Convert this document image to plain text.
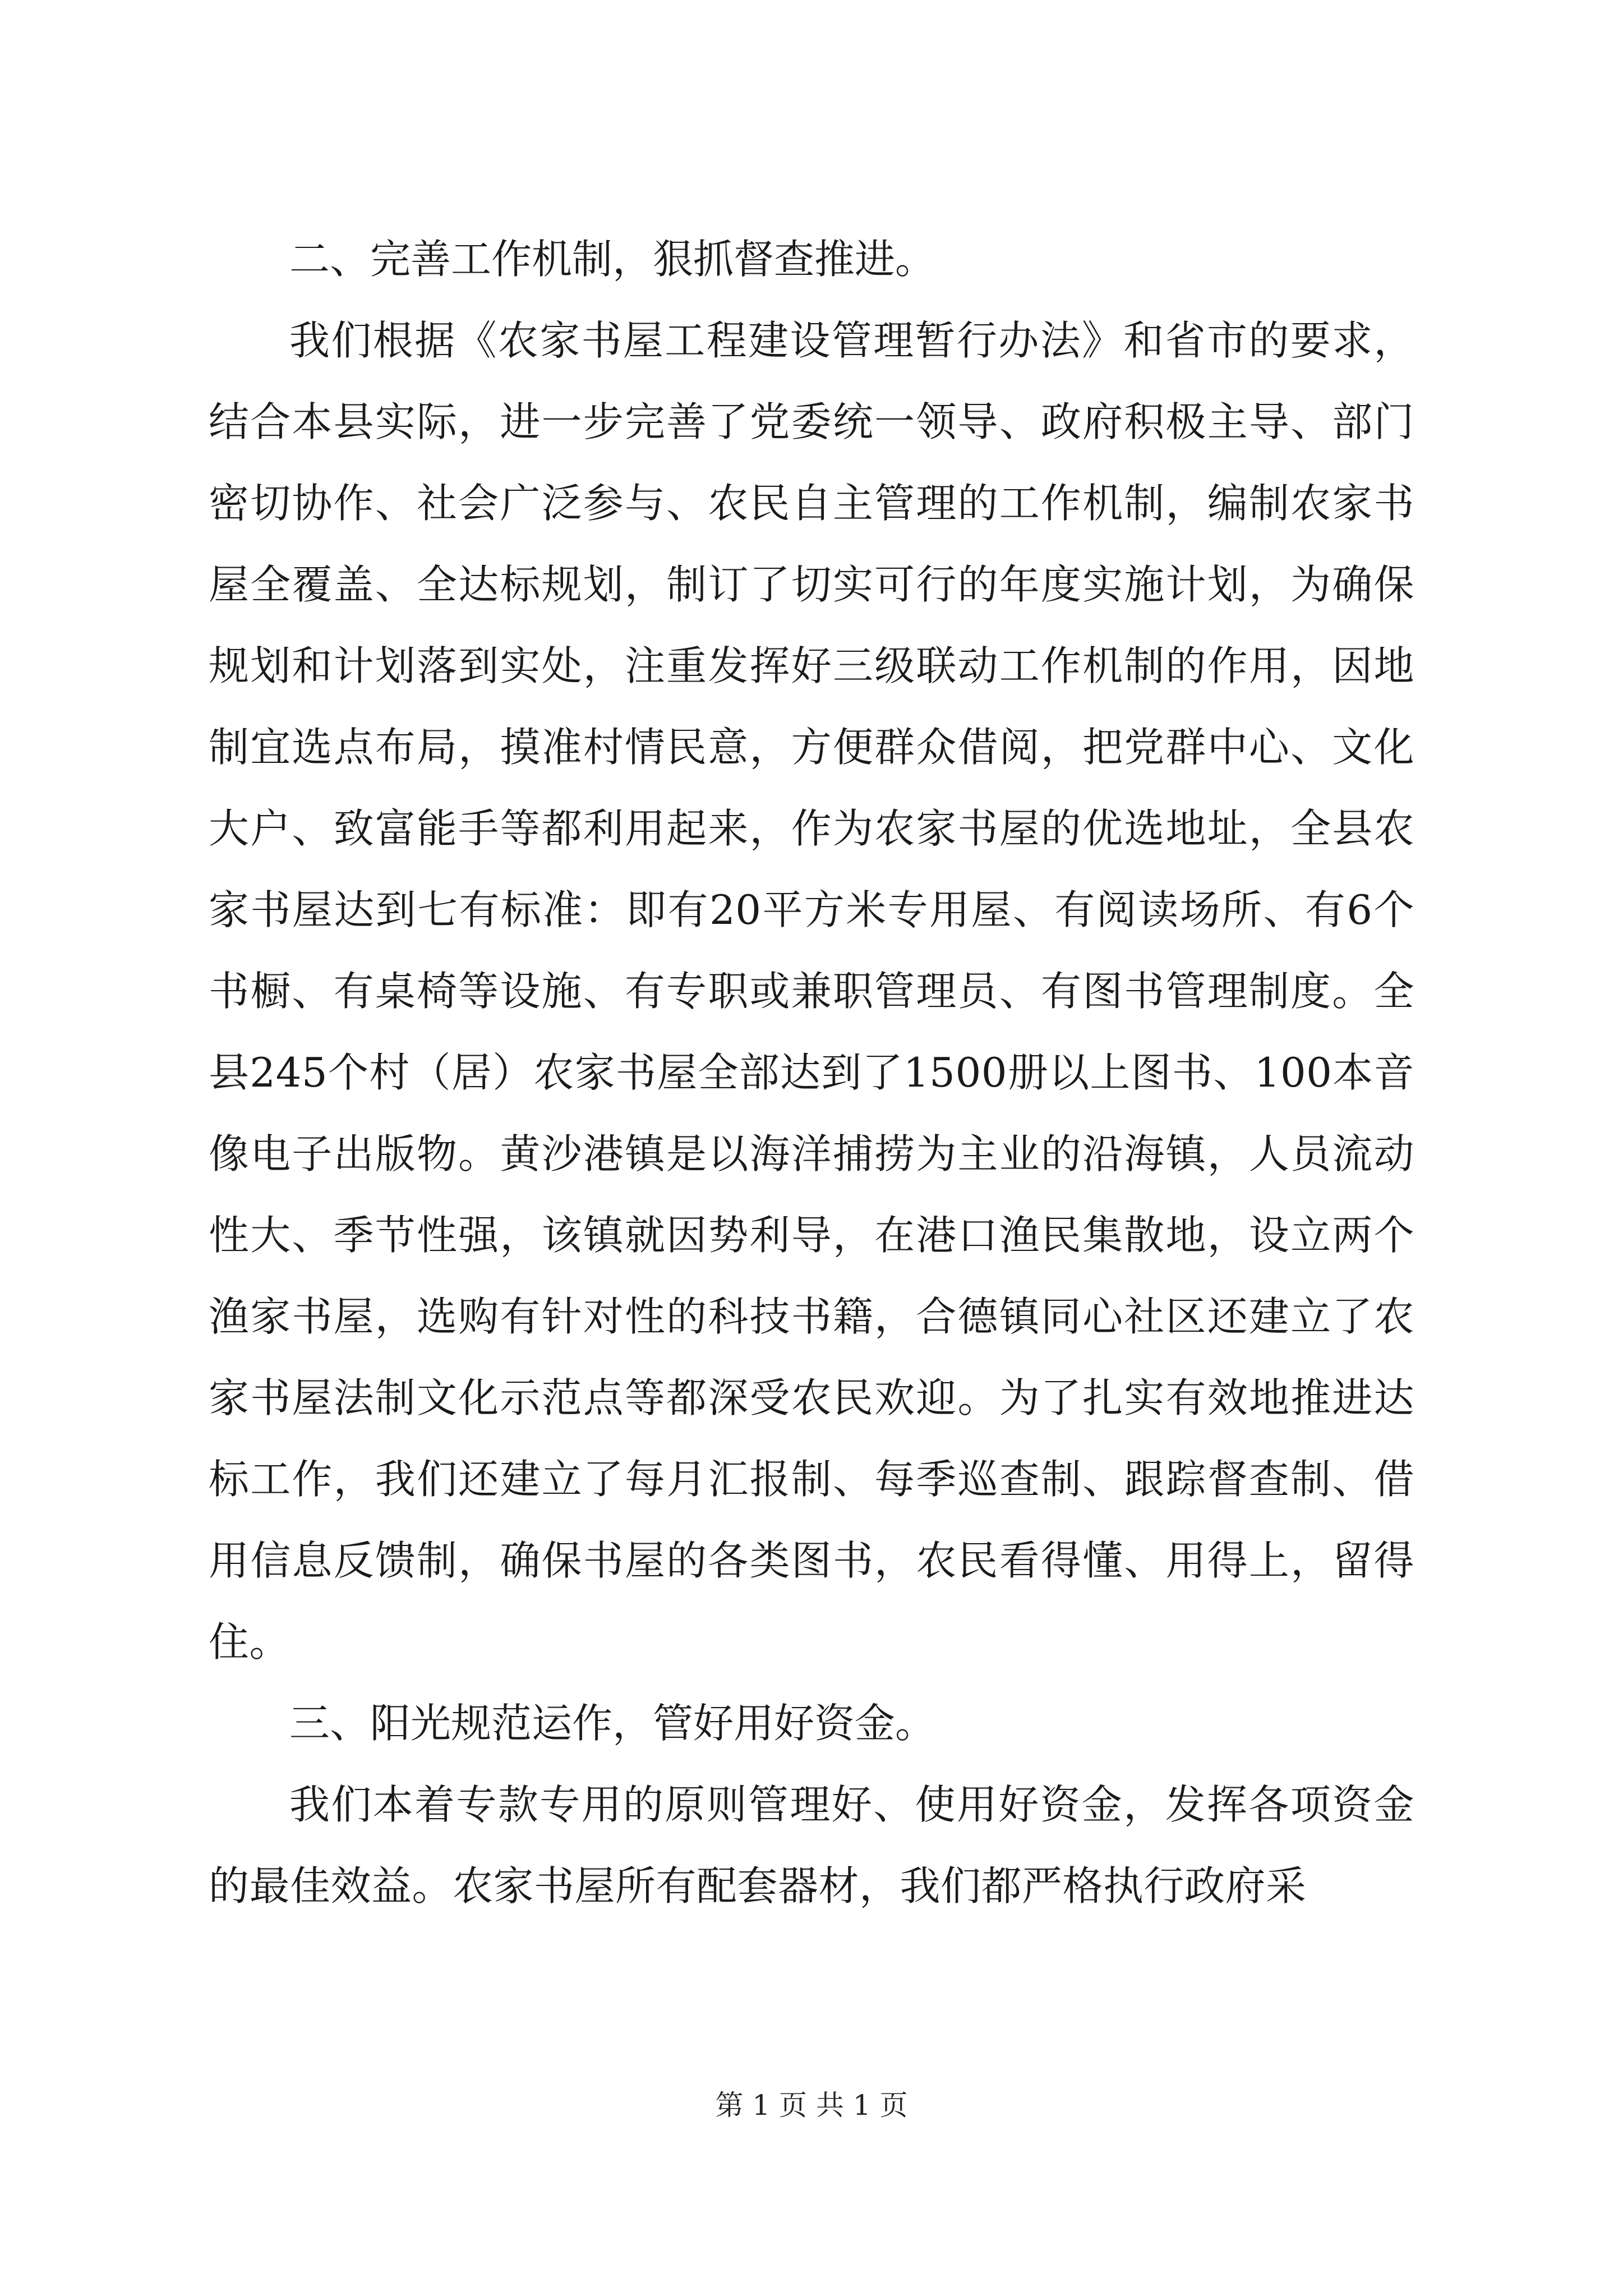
二、完善工作机制，狠抓督查推进。

我们根据《农家书屋工程建设管理暂行办法》和省市的要求，结合本县实际，进一步完善了党委统一领导、政府积极主导、部门密切协作、社会广泛参与、农民自主管理的工作机制，编制农家书屋全覆盖、全达标规划，制订了切实可行的年度实施计划，为确保规划和计划落到实处，注重发挥好三级联动工作机制的作用，因地制宜选点布局，摸准村情民意，方便群众借阅，把党群中心、文化大户、致富能手等都利用起来，作为农家书屋的优选地址，全县农家书屋达到七有标准：即有20平方米专用屋、有阅读场所、有6个书橱、有桌椅等设施、有专职或兼职管理员、有图书管理制度。全县245个村（居）农家书屋全部达到了1500册以上图书、100本音像电子出版物。黄沙港镇是以海洋捕捞为主业的沿海镇，人员流动性大、季节性强，该镇就因势利导，在港口渔民集散地，设立两个渔家书屋，选购有针对性的科技书籍，合德镇同心社区还建立了农家书屋法制文化示范点等都深受农民欢迎。为了扎实有效地推进达标工作，我们还建立了每月汇报制、每季巡查制、跟踪督查制、借用信息反馈制，确保书屋的各类图书，农民看得懂、用得上，留得住。

三、阳光规范运作，管好用好资金。

我们本着专款专用的原则管理好、使用好资金，发挥各项资金的最佳效益。农家书屋所有配套器材，我们都严格执行政府采

第 1 页 共 1 页
